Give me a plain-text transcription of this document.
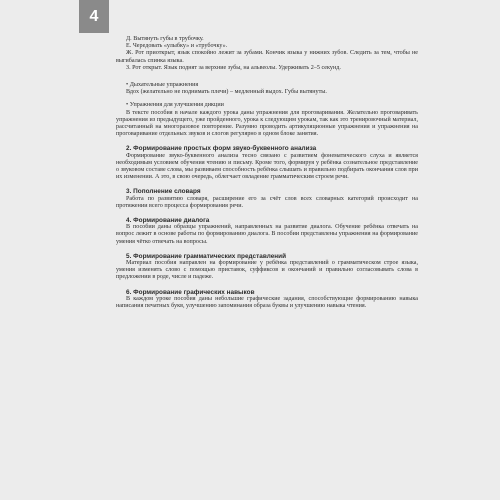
4

Д. Вытянуть губы в трубочку.

Е. Чередовать «улыбку» и «трубочку».

Ж. Рот приоткрыт, язык спокойно лежит за зубами. Кончик языка у нижних зубов. Следить за тем, чтобы не выгибалась спинка языка.

З. Рот открыт. Язык поднят за верхние зубы, на альвеолы. Удерживать 2–5 секунд.

• Дыхательные упражнения

Вдох (желательно не поднимать плечи) – медленный выдох. Губы вытянуты.

• Упражнения для улучшения дикции

В тексте пособия в начале каждого урока даны упражнения для проговаривания. Желательно проговаривать упражнения из предыдущего, уже пройденного, урока к следующим урокам, так как это тренировочный материал, рассчитанный на многоразовое повторение. Разумно проводить артикуляционные упражнения и упражнения на проговаривание отдельных звуков и слогов регулярно в одном блоке занятия.

2. Формирование простых форм звуко-буквенного анализа

Формирование звуко-буквенного анализа тесно связано с развитием фонематического слуха и является необходимым условием обучения чтению и письму. Кроме того, формируя у ребёнка сознательное представление о звуковом составе слова, мы развиваем способность ребёнка слышать и правильно подбирать окончания слов при их изменении. А это, в свою очередь, облегчает овладение грамматическим строем речи.

3. Пополнение словаря

Работа по развитию словаря, расширение его за счёт слов всех словарных категорий происходит на протяжении всего процесса формирования речи.

4. Формирование диалога

В пособии даны образцы упражнений, направленных на развитие диалога. Обучение ребёнка отвечать на вопрос лежит в основе работы по формированию диалога. В пособии представлены упражнения на формирование умения чётко отвечать на вопросы.

5. Формирование грамматических представлений

Материал пособия направлен на формирование у ребёнка представлений о грамматическом строе языка, умения изменять слово с помощью приставок, суффиксов и окончаний и правильно согласовывать слова в предложении в роде, числе и падеже.

6. Формирование графических навыков

В каждом уроке пособия даны небольшие графические задания, способствующие формированию навыка написания печатных букв, улучшению запоминания образа буквы и улучшению навыка чтения.
